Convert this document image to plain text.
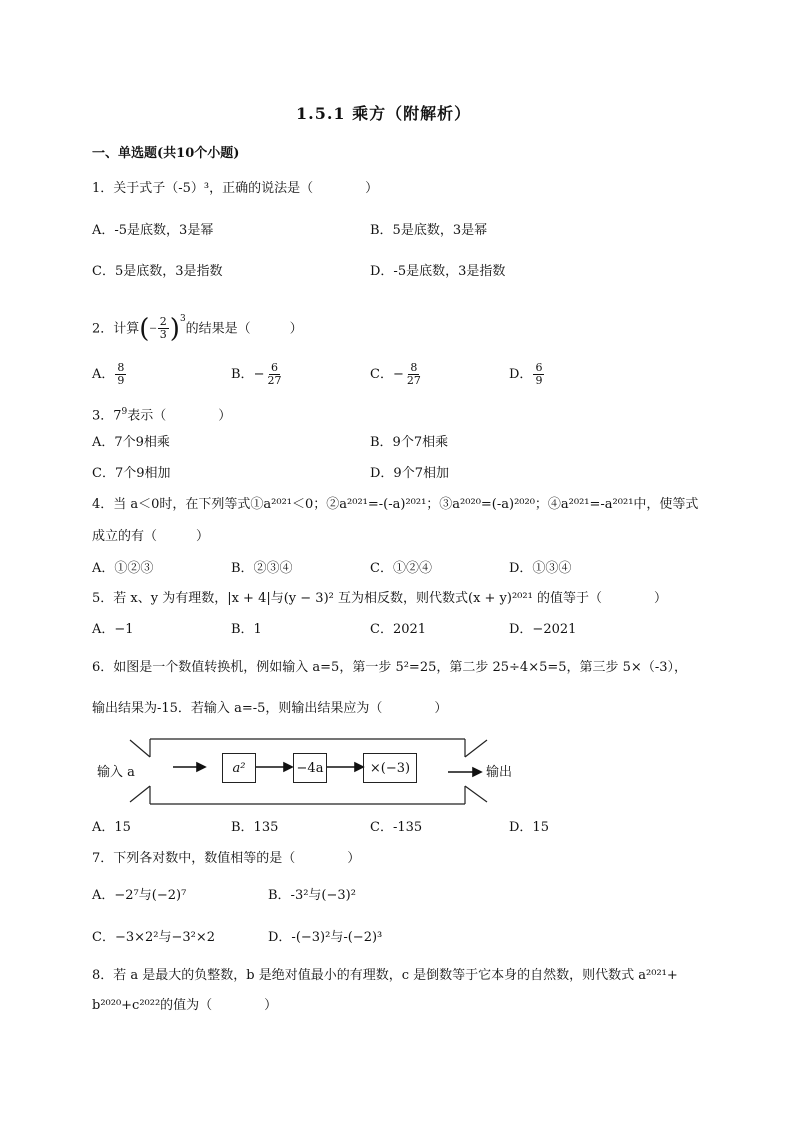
1.5.1 乘方（附解析）
一、单选题(共10个小题)
1．关于式子（-5）³，正确的说法是（　　　　）
A．-5是底数，3是幂	B．5是底数，3是幂
C．5是底数，3是指数	D．-5是底数，3是指数
2．计算(− $\frac{2}{3} )^3$的结果是（　　　）
A． $\frac{8}{9}$	B．− $\frac{6}{27}$	C．− $\frac{8}{27}$	D． $\frac{6}{9}$
3．$7^9$表示（　　　　）
A．7个9相乘	B．9个7相乘
C．7个9相加	D．9个7相加
4．当 a＜0时，在下列等式①a²⁰²¹＜0；②a²⁰²¹=-(-a)²⁰²¹；③a²⁰²⁰=(-a)²⁰²⁰；④a²⁰²¹=-a²⁰²¹中，使等式
成立的有（　　　）
A．①②③	B．②③④	C．①②④	D．①③④
5．若 x、y 为有理数，|x + 4|与(y − 3)² 互为相反数，则代数式(x + y)²⁰²¹ 的值等于（　　　　）
A．−1	B．1	C．2021	D．−2021
6．如图是一个数值转换机，例如输入 a=5，第一步 5²=25，第二步 25÷4×5=5，第三步 5×（-3），
输出结果为-15．若输入 a=-5，则输出结果应为（　　　　）
输入 a	a²	−4a	×(−3)	输出
A．15	B．135	C．-135	D．15
7．下列各对数中，数值相等的是（　　　　）
A．−2⁷与(−2)⁷	B．-3²与(−3)²
C．−3×2²与−3²×2	D．-(−3)²与-(−2)³
8．若 a 是最大的负整数，b 是绝对值最小的有理数，c 是倒数等于它本身的自然数，则代数式 a²⁰²¹+
b²⁰²⁰+c²⁰²²的值为（　　　　）
